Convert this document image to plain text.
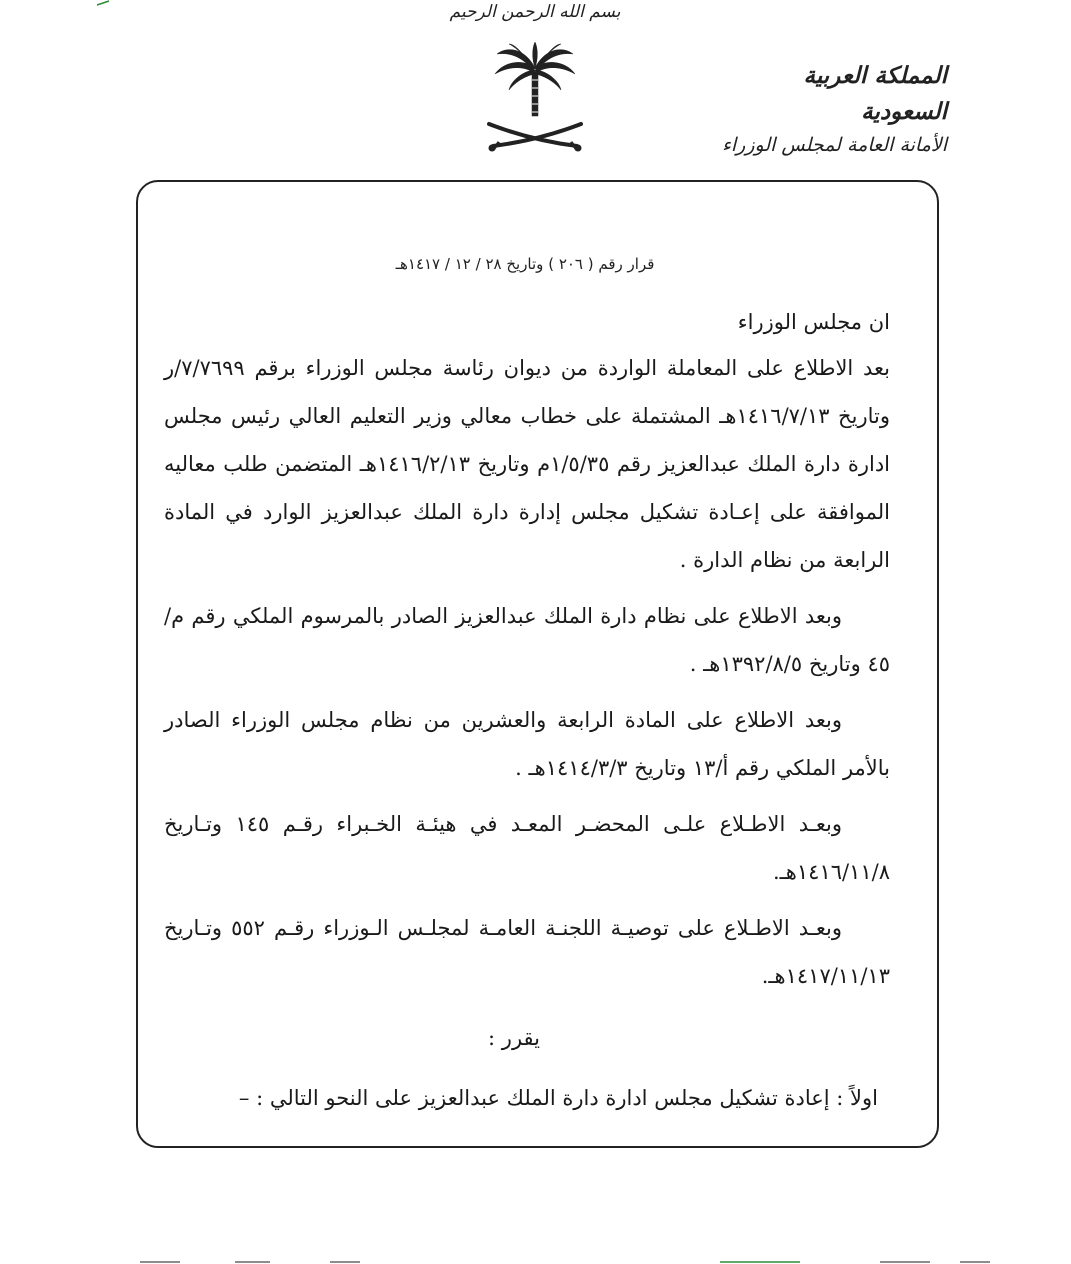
بسم الله الرحمن الرحيم
المملكة العربية السعودية
الأمانة العامة لمجلس الوزراء
قرار رقم ( ٢٠٦ ) وتاريخ ٢٨ / ١٢ / ١٤١٧هـ

ان مجلس الوزراء

بعد الاطلاع على المعاملة الواردة من ديوان رئاسة مجلس الوزراء برقم ٧/٧٦٩٩/ر وتاريخ ١٤١٦/٧/١٣هـ المشتملة على خطاب معالي وزير التعليم العالي رئيس مجلس ادارة دارة الملك عبدالعزيز رقم ١/٥/٣٥م وتاريخ ١٤١٦/٢/١٣هـ المتضمن طلب معاليه الموافقة على إعـادة تشكيل مجلس إدارة دارة الملك عبدالعزيز الوارد في المادة الرابعة من نظام الدارة .

وبعد الاطلاع على نظام دارة الملك عبدالعزيز الصادر بالمرسوم الملكي رقم م/٤٥ وتاريخ ١٣٩٢/٨/٥هـ .

وبعد الاطلاع على المادة الرابعة والعشرين من نظام مجلس الوزراء الصادر بالأمر الملكي رقم أ/١٣ وتاريخ ١٤١٤/٣/٣هـ .

وبعـد الاطـلاع علـى المحضـر المعـد في هيئـة الخـبراء رقـم ١٤٥ وتـاريخ ١٤١٦/١١/٨هـ.

وبعـد الاطـلاع على توصيـة اللجنـة العامـة لمجلـس الـوزراء رقـم ٥٥٢ وتـاريخ ١٤١٧/١١/١٣هـ.

يقرر :

اولاً : إعادة تشكيل مجلس ادارة دارة الملك عبدالعزيز على النحو التالي : –
